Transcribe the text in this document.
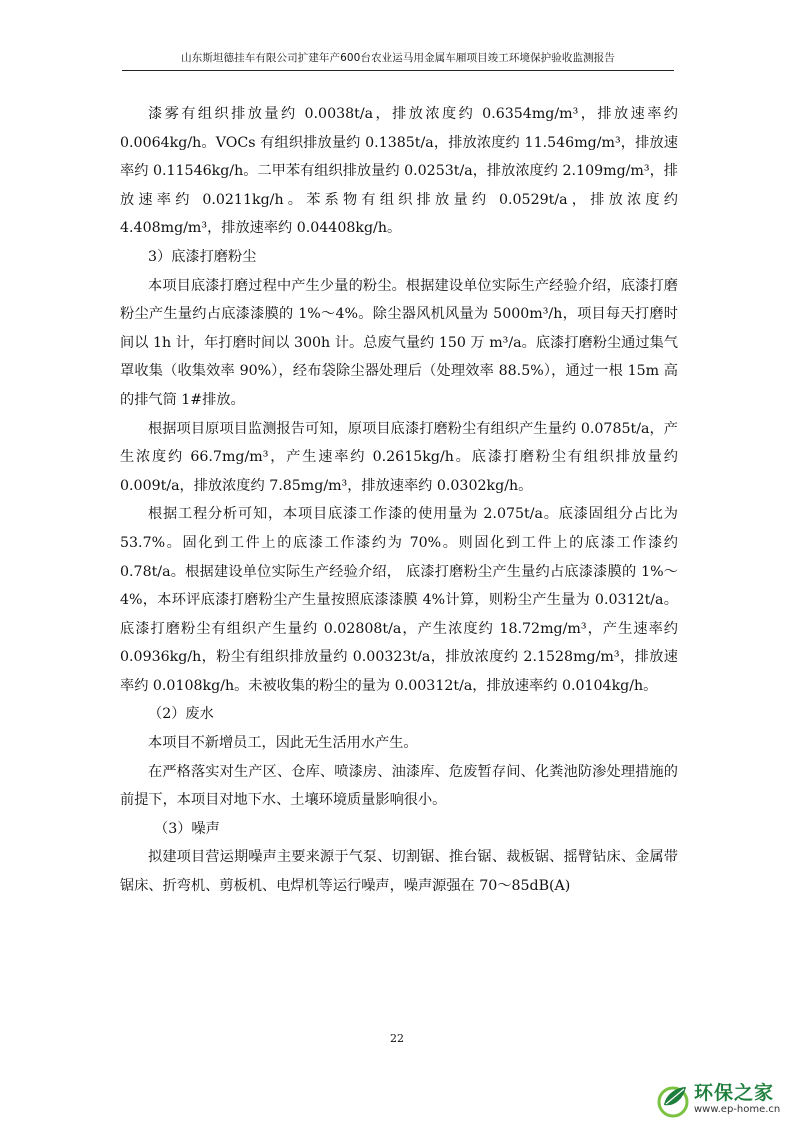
山东斯坦德挂车有限公司扩建年产600台农业运马用金属车厢项目竣工环境保护验收监测报告

漆雾有组织排放量约 0.0038t/a，排放浓度约 0.6354mg/m³，排放速率约 0.0064kg/h。VOCs 有组织排放量约 0.1385t/a，排放浓度约 11.546mg/m³，排放速率约 0.11546kg/h。二甲苯有组织排放量约 0.0253t/a，排放浓度约 2.109mg/m³，排放速率约 0.0211kg/h。苯系物有组织排放量约 0.0529t/a，排放浓度约 4.408mg/m³，排放速率约 0.04408kg/h。

3）底漆打磨粉尘

本项目底漆打磨过程中产生少量的粉尘。根据建设单位实际生产经验介绍，底漆打磨粉尘产生量约占底漆漆膜的 1%～4%。除尘器风机风量为 5000m³/h，项目每天打磨时间以 1h 计，年打磨时间以 300h 计。总废气量约 150 万 m³/a。底漆打磨粉尘通过集气罩收集（收集效率 90%），经布袋除尘器处理后（处理效率 88.5%），通过一根 15m 高的排气筒 1#排放。

根据项目原项目监测报告可知，原项目底漆打磨粉尘有组织产生量约 0.0785t/a，产生浓度约 66.7mg/m³，产生速率约 0.2615kg/h。底漆打磨粉尘有组织排放量约 0.009t/a，排放浓度约 7.85mg/m³，排放速率约 0.0302kg/h。

根据工程分析可知，本项目底漆工作漆的使用量为 2.075t/a。底漆固组分占比为 53.7%。固化到工件上的底漆工作漆约为 70%。则固化到工件上的底漆工作漆约 0.78t/a。根据建设单位实际生产经验介绍， 底漆打磨粉尘产生量约占底漆漆膜的 1%～4%，本环评底漆打磨粉尘产生量按照底漆漆膜 4%计算，则粉尘产生量为 0.0312t/a。底漆打磨粉尘有组织产生量约 0.02808t/a，产生浓度约 18.72mg/m³，产生速率约 0.0936kg/h，粉尘有组织排放量约 0.00323t/a，排放浓度约 2.1528mg/m³，排放速率约 0.0108kg/h。未被收集的粉尘的量为 0.00312t/a，排放速率约 0.0104kg/h。

（2）废水

本项目不新增员工，因此无生活用水产生。

在严格落实对生产区、仓库、喷漆房、油漆库、危废暂存间、化粪池防渗处理措施的前提下，本项目对地下水、土壤环境质量影响很小。

（3）噪声

拟建项目营运期噪声主要来源于气泵、切割锯、推台锯、裁板锯、摇臂钻床、金属带锯床、折弯机、剪板机、电焊机等运行噪声，噪声源强在 70～85dB(A)

22
环保之家
www.ep-home.cn
